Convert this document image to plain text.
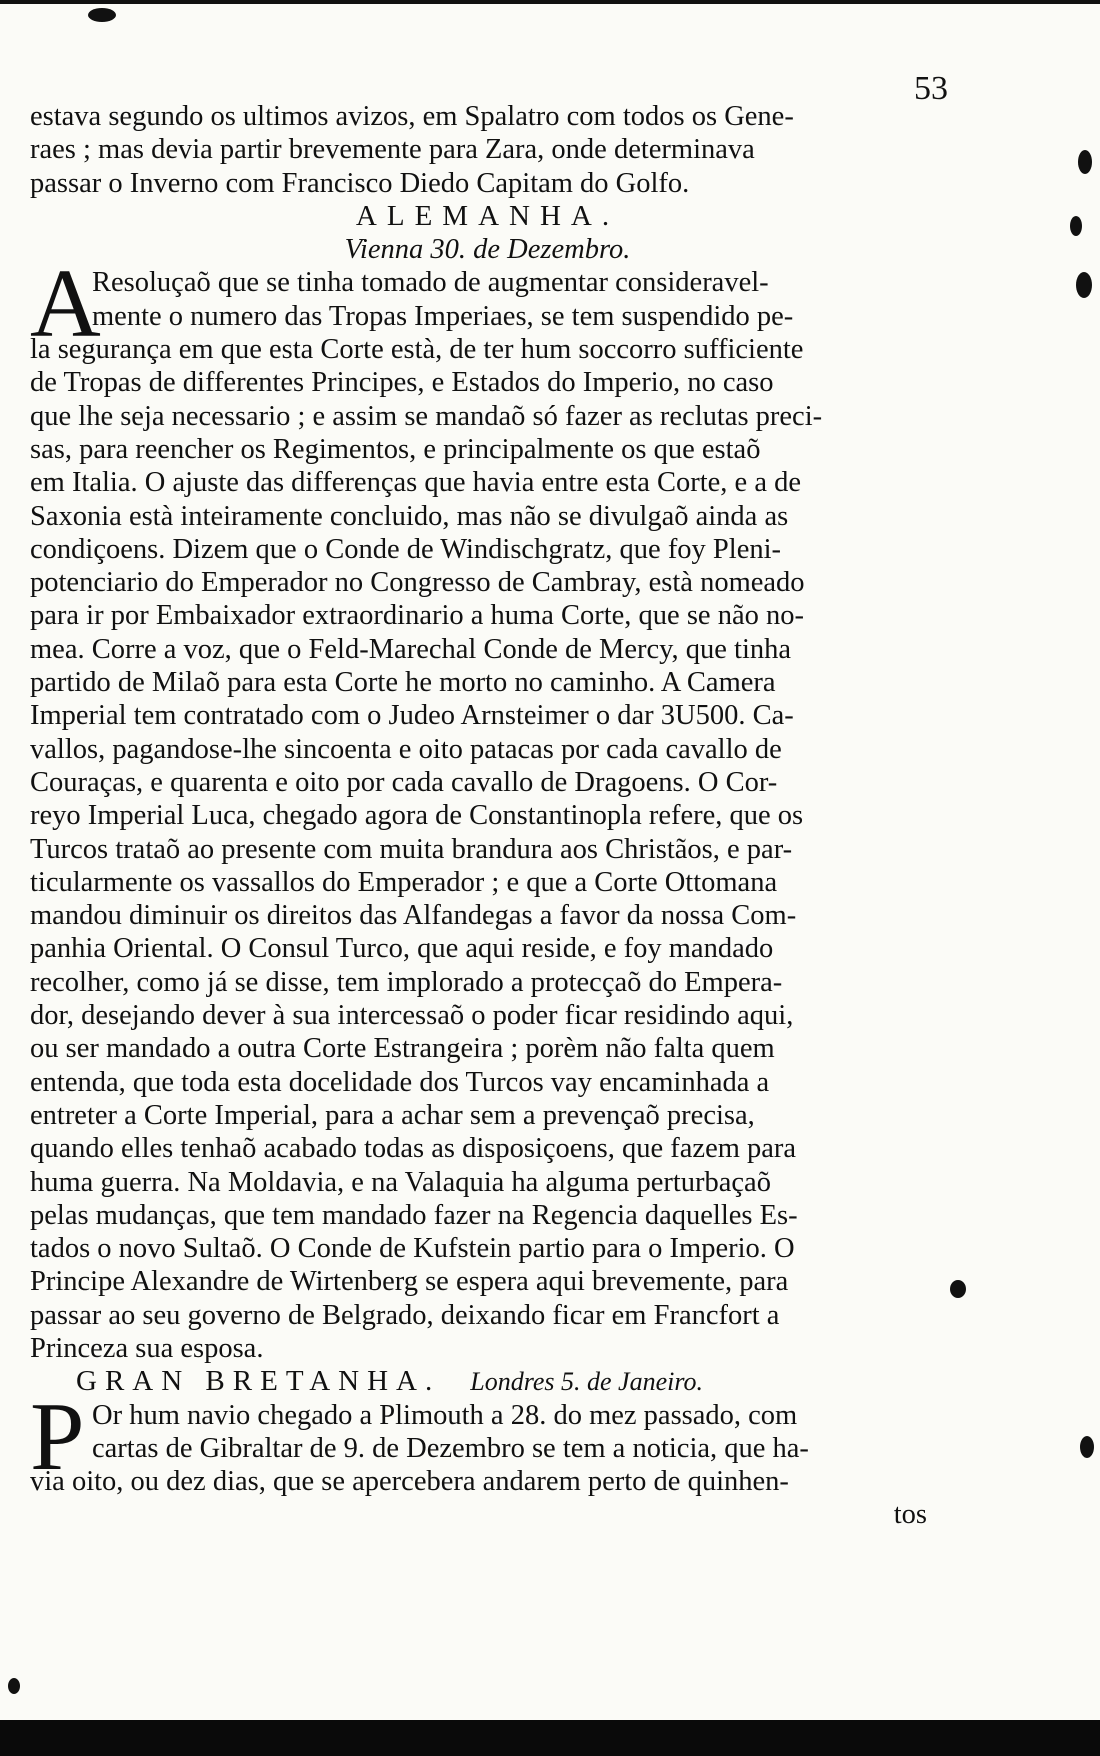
53
estava segundo os ultimos avizos, em Spalatro com todos os Gene-
raes ; mas devia partir brevemente para Zara, onde determinava
passar o Inverno com Francisco Diedo Capitam do Golfo.
ALEMANHA.
Vienna 30. de Dezembro.
A
Resoluçaõ que se tinha tomado de augmentar consideravel-
mente o numero das Tropas Imperiaes, se tem suspendido pe-
la segurança em que esta Corte està, de ter hum soccorro sufficiente
de Tropas de differentes Principes, e Estados do Imperio, no caso
que lhe seja necessario ; e assim se mandaõ só fazer as reclutas preci-
sas, para reencher os Regimentos, e principalmente os que estaõ
em Italia. O ajuste das differenças que havia entre esta Corte, e a de
Saxonia està inteiramente concluido, mas não se divulgaõ ainda as
condiçoens. Dizem que o Conde de Windischgratz, que foy Pleni-
potenciario do Emperador no Congresso de Cambray, està nomeado
para ir por Embaixador extraordinario a huma Corte, que se não no-
mea. Corre a voz, que o Feld-Marechal Conde de Mercy, que tinha
partido de Milaõ para esta Corte he morto no caminho. A Camera
Imperial tem contratado com o Judeo Arnsteimer o dar 3U500. Ca-
vallos, pagandose-lhe sincoenta e oito patacas por cada cavallo de
Couraças, e quarenta e oito por cada cavallo de Dragoens. O Cor-
reyo Imperial Luca, chegado agora de Constantinopla refere, que os
Turcos trataõ ao presente com muita brandura aos Christãos, e par-
ticularmente os vassallos do Emperador ; e que a Corte Ottomana
mandou diminuir os direitos das Alfandegas a favor da nossa Com-
panhia Oriental. O Consul Turco, que aqui reside, e foy mandado
recolher, como já se disse, tem implorado a protecçaõ do Empera-
dor, desejando dever à sua intercessaõ o poder ficar residindo aqui,
ou ser mandado a outra Corte Estrangeira ; porèm não falta quem
entenda, que toda esta docelidade dos Turcos vay encaminhada a
entreter a Corte Imperial, para a achar sem a prevençaõ precisa,
quando elles tenhaõ acabado todas as disposiçoens, que fazem para
huma guerra. Na Moldavia, e na Valaquia ha alguma perturbaçaõ
pelas mudanças, que tem mandado fazer na Regencia daquelles Es-
tados o novo Sultaõ. O Conde de Kufstein partio para o Imperio. O
Principe Alexandre de Wirtenberg se espera aqui brevemente, para
passar ao seu governo de Belgrado, deixando ficar em Francfort a
Princeza sua esposa.
GRAN BRETANHA. Londres 5. de Janeiro.
P Or hum navio chegado a Plimouth a 28. do mez passado, com
cartas de Gibraltar de 9. de Dezembro se tem a noticia, que ha-
via oito, ou dez dias, que se apercebera andarem perto de quinhen-
tos
